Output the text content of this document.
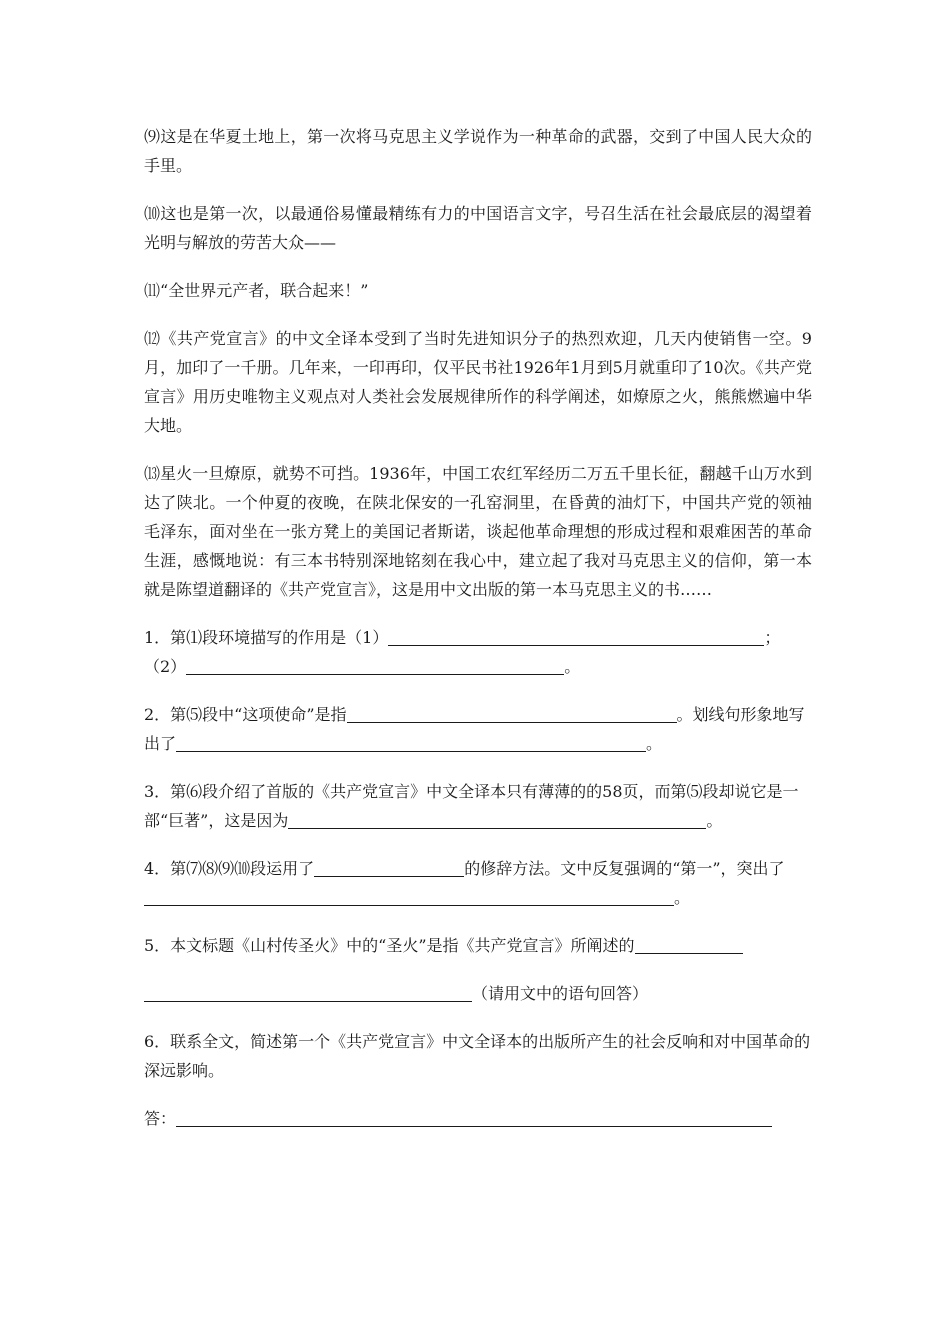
⑼这是在华夏土地上，第一次将马克思主义学说作为一种革命的武器，交到了中国人民大众的手里。

⑽这也是第一次，以最通俗易懂最精练有力的中国语言文字，号召生活在社会最底层的渴望着光明与解放的劳苦大众——

⑾“全世界元产者，联合起来！”

⑿《共产党宣言》的中文全译本受到了当时先进知识分子的热烈欢迎，几天内使销售一空。9月，加印了一千册。几年来，一印再印，仅平民书社1926年1月到5月就重印了10次。《共产党宣言》用历史唯物主义观点对人类社会发展规律所作的科学阐述，如燎原之火，熊熊燃遍中华大地。

⒀星火一旦燎原，就势不可挡。1936年，中国工农红军经历二万五千里长征，翻越千山万水到达了陕北。一个仲夏的夜晚，在陕北保安的一孔窑洞里，在昏黄的油灯下，中国共产党的领袖毛泽东，面对坐在一张方凳上的美国记者斯诺，谈起他革命理想的形成过程和艰难困苦的革命生涯，感慨地说：有三本书特别深地铭刻在我心中，建立起了我对马克思主义的信仰，第一本就是陈望道翻译的《共产党宣言》，这是用中文出版的第一本马克思主义的书……

1．第⑴段环境描写的作用是（1）	；
（2）	。

2．第⑸段中“这项使命”是指	。划线句形象地写出了	。

3．第⑹段介绍了首版的《共产党宣言》中文全译本只有薄薄的的58页，而第⑸段却说它是一部“巨著”，这是因为	。

4．第⑺⑻⑼⑽段运用了	的修辞方法。文中反复强调的“第一”，突出了。

5．本文标题《山村传圣火》中的“圣火”是指《共产党宣言》所阐述的

（请用文中的语句回答）

6．联系全文，简述第一个《共产党宣言》中文全译本的出版所产生的社会反响和对中国革命的深远影响。

答：
